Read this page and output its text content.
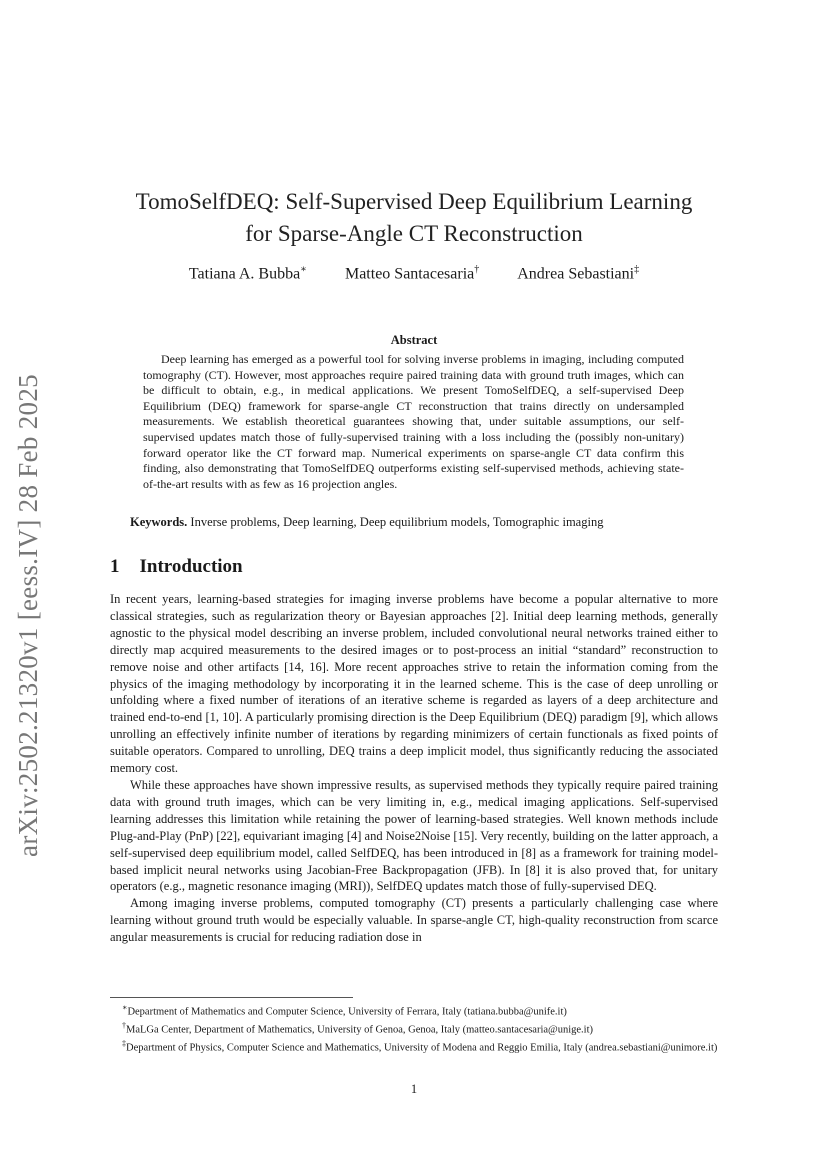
arXiv:2502.21320v1 [eess.IV] 28 Feb 2025
TomoSelfDEQ: Self-Supervised Deep Equilibrium Learning
for Sparse-Angle CT Reconstruction
Tatiana A. Bubba∗ Matteo Santacesaria† Andrea Sebastiani‡
Abstract

Deep learning has emerged as a powerful tool for solving inverse problems in imaging, including computed tomography (CT). However, most approaches require paired training data with ground truth images, which can be difficult to obtain, e.g., in medical applications. We present TomoSelfDEQ, a self-supervised Deep Equilibrium (DEQ) framework for sparse-angle CT reconstruction that trains directly on undersampled measurements. We establish theoretical guarantees showing that, under suitable assumptions, our self-supervised updates match those of fully-supervised training with a loss including the (possibly non-unitary) forward operator like the CT forward map. Numerical experiments on sparse-angle CT data confirm this finding, also demonstrating that TomoSelfDEQ outperforms existing self-supervised methods, achieving state-of-the-art results with as few as 16 projection angles.

Keywords. Inverse problems, Deep learning, Deep equilibrium models, Tomographic imaging

1 Introduction

In recent years, learning-based strategies for imaging inverse problems have become a popular alternative to more classical strategies, such as regularization theory or Bayesian approaches [2]. Initial deep learning methods, generally agnostic to the physical model describing an inverse problem, included convolutional neural networks trained either to directly map acquired measurements to the desired images or to post-process an initial “standard” reconstruction to remove noise and other artifacts [14, 16]. More recent approaches strive to retain the information coming from the physics of the imaging methodology by incorporating it in the learned scheme. This is the case of deep unrolling or unfolding where a fixed number of iterations of an iterative scheme is regarded as layers of a deep architecture and trained end-to-end [1, 10]. A particularly promising direction is the Deep Equilibrium (DEQ) paradigm [9], which allows unrolling an effectively infinite number of iterations by regarding minimizers of certain functionals as fixed points of suitable operators. Compared to unrolling, DEQ trains a deep implicit model, thus significantly reducing the associated memory cost.

While these approaches have shown impressive results, as supervised methods they typically require paired training data with ground truth images, which can be very limiting in, e.g., medical imaging applications. Self-supervised learning addresses this limitation while retaining the power of learning-based strategies. Well known methods include Plug-and-Play (PnP) [22], equivariant imaging [4] and Noise2Noise [15]. Very recently, building on the latter approach, a self-supervised deep equilibrium model, called SelfDEQ, has been introduced in [8] as a framework for training model-based implicit neural networks using Jacobian-Free Backpropagation (JFB). In [8] it is also proved that, for unitary operators (e.g., magnetic resonance imaging (MRI)), SelfDEQ updates match those of fully-supervised DEQ.

Among imaging inverse problems, computed tomography (CT) presents a particularly challenging case where learning without ground truth would be especially valuable. In sparse-angle CT, high-quality reconstruction from scarce angular measurements is crucial for reducing radiation dose in

∗Department of Mathematics and Computer Science, University of Ferrara, Italy (tatiana.bubba@unife.it)

†MaLGa Center, Department of Mathematics, University of Genoa, Genoa, Italy (matteo.santacesaria@unige.it)

‡Department of Physics, Computer Science and Mathematics, University of Modena and Reggio Emilia, Italy (andrea.sebastiani@unimore.it)

1
